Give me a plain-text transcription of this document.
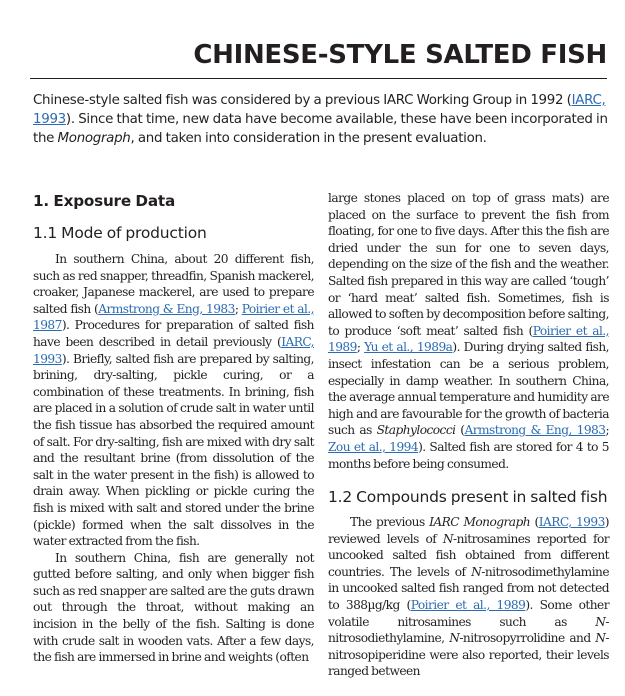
CHINESE-STYLE SALTED FISH

Chinese-style salted fish was considered by a previous IARC Working Group in 1992 (IARC, 1993). Since that time, new data have become available, these have been incorporated in the Monograph, and taken into consideration in the present evaluation.

1. Exposure Data
1.1 Mode of production

In southern China, about 20 different fish, such as red snapper, threadfin, Spanish mackerel, croaker, Japanese mackerel, are used to prepare salted fish (Armstrong & Eng, 1983; Poirier et al., 1987). Procedures for preparation of salted fish have been described in detail previously (IARC, 1993). Briefly, salted fish are prepared by salting, brining, dry-salting, pickle curing, or a combination of these treatments. In brining, fish are placed in a solution of crude salt in water until the fish tissue has absorbed the required amount of salt. For dry-salting, fish are mixed with dry salt and the resultant brine (from dissolution of the salt in the water present in the fish) is allowed to drain away. When pickling or pickle curing the fish is mixed with salt and stored under the brine (pickle) formed when the salt dissolves in the water extracted from the fish.

In southern China, fish are generally not gutted before salting, and only when bigger fish such as red snapper are salted are the guts drawn out through the throat, without making an incision in the belly of the fish. Salting is done with crude salt in wooden vats. After a few days, the fish are immersed in brine and weights (often

large stones placed on top of grass mats) are placed on the surface to prevent the fish from floating, for one to five days. After this the fish are dried under the sun for one to seven days, depending on the size of the fish and the weather. Salted fish prepared in this way are called ‘tough’ or ‘hard meat’ salted fish. Sometimes, fish is allowed to soften by decomposition before salting, to produce ‘soft meat’ salted fish (Poirier et al., 1989; Yu et al., 1989a). During drying salted fish, insect infestation can be a serious problem, especially in damp weather. In southern China, the average annual temperature and humidity are high and are favourable for the growth of bacteria such as Staphylococci (Armstrong & Eng, 1983; Zou et al., 1994). Salted fish are stored for 4 to 5 months before being consumed.

1.2 Compounds present in salted fish

The previous IARC Monograph (IARC, 1993) reviewed levels of N-nitrosamines reported for uncooked salted fish obtained from different countries. The levels of N-nitrosodimethylamine in uncooked salted fish ranged from not detected to 388µg/kg (Poirier et al., 1989). Some other volatile nitrosamines such as N-nitrosodiethylamine, N-nitrosopyrrolidine and N-nitrosopiperidine were also reported, their levels ranged between
